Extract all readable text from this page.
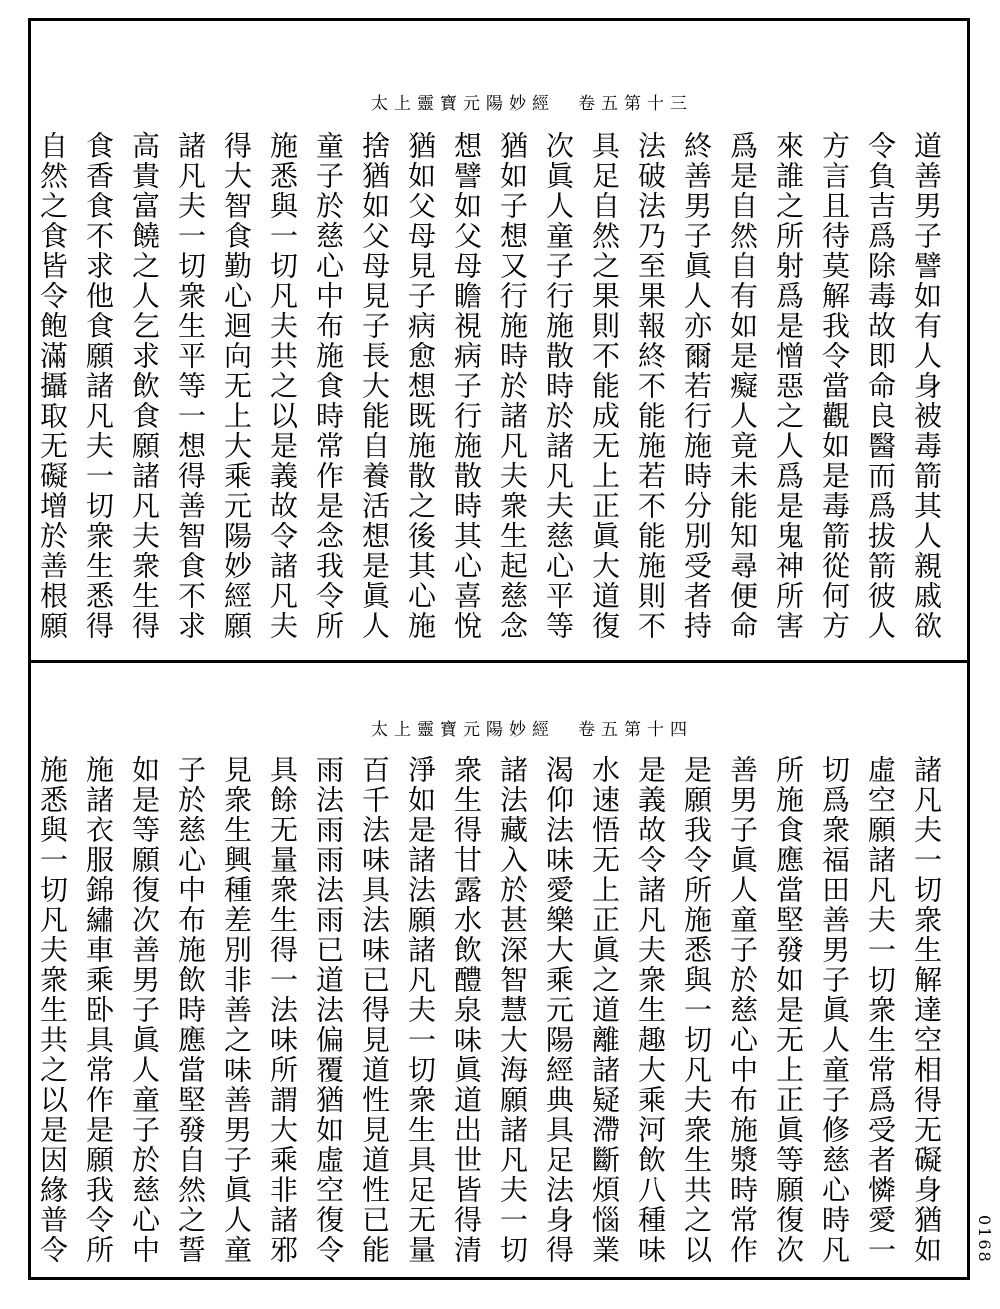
太上靈寶元陽妙經　卷五第十三
道善男子譬如有人身被毒箭其人親戚欲
令負吉爲除毒故即命良醫而爲拔箭彼人
方言且待莫解我令當觀如是毒箭從何方
來誰之所射爲是憎惡之人爲是鬼神所害
爲是自然自有如是癡人竟未能知尋便命
終善男子眞人亦爾若行施時分別受者持
法破法乃至果報終不能施若不能施則不
具足自然之果則不能成无上正眞大道復
次眞人童子行施散時於諸凡夫慈心平等
猶如子想又行施時於諸凡夫衆生起慈念
想譬如父母瞻視病子行施散時其心喜悅
猶如父母見子病愈想既施散之後其心施
捨猶如父母見子長大能自養活想是眞人
童子於慈心中布施食時常作是念我令所
施悉與一切凡夫共之以是義故令諸凡夫
得大智食勤心迴向无上大乘元陽妙經願
諸凡夫一切衆生平等一想得善智食不求
高貴富饒之人乞求飲食願諸凡夫衆生得
食香食不求他食願諸凡夫一切衆生悉得
自然之食皆令飽滿攝取无礙增於善根願
太上靈寶元陽妙經　卷五第十四
諸凡夫一切衆生解達空相得无礙身猶如
虛空願諸凡夫一切衆生常爲受者憐愛一
切爲衆福田善男子眞人童子修慈心時凡
所施食應當堅發如是无上正眞等願復次
善男子眞人童子於慈心中布施漿時常作
是願我令所施悉與一切凡夫衆生共之以
是義故令諸凡夫衆生趣大乘河飲八種味
水速悟无上正眞之道離諸疑滯斷煩惱業
渴仰法味愛樂大乘元陽經典具足法身得
諸法藏入於甚深智慧大海願諸凡夫一切
衆生得甘露水飲醴泉味眞道出世皆得清
淨如是諸法願諸凡夫一切衆生具足无量
百千法味具法味已得見道性見道性已能
雨法雨雨法雨已道法偏覆猶如虛空復令
具餘无量衆生得一法味所謂大乘非諸邪
見衆生興種差別非善之味善男子眞人童
子於慈心中布施飲時應當堅發自然之誓
如是等願復次善男子眞人童子於慈心中
施諸衣服錦繡車乘卧具常作是願我令所
施悉與一切凡夫衆生共之以是因緣普令	0168
